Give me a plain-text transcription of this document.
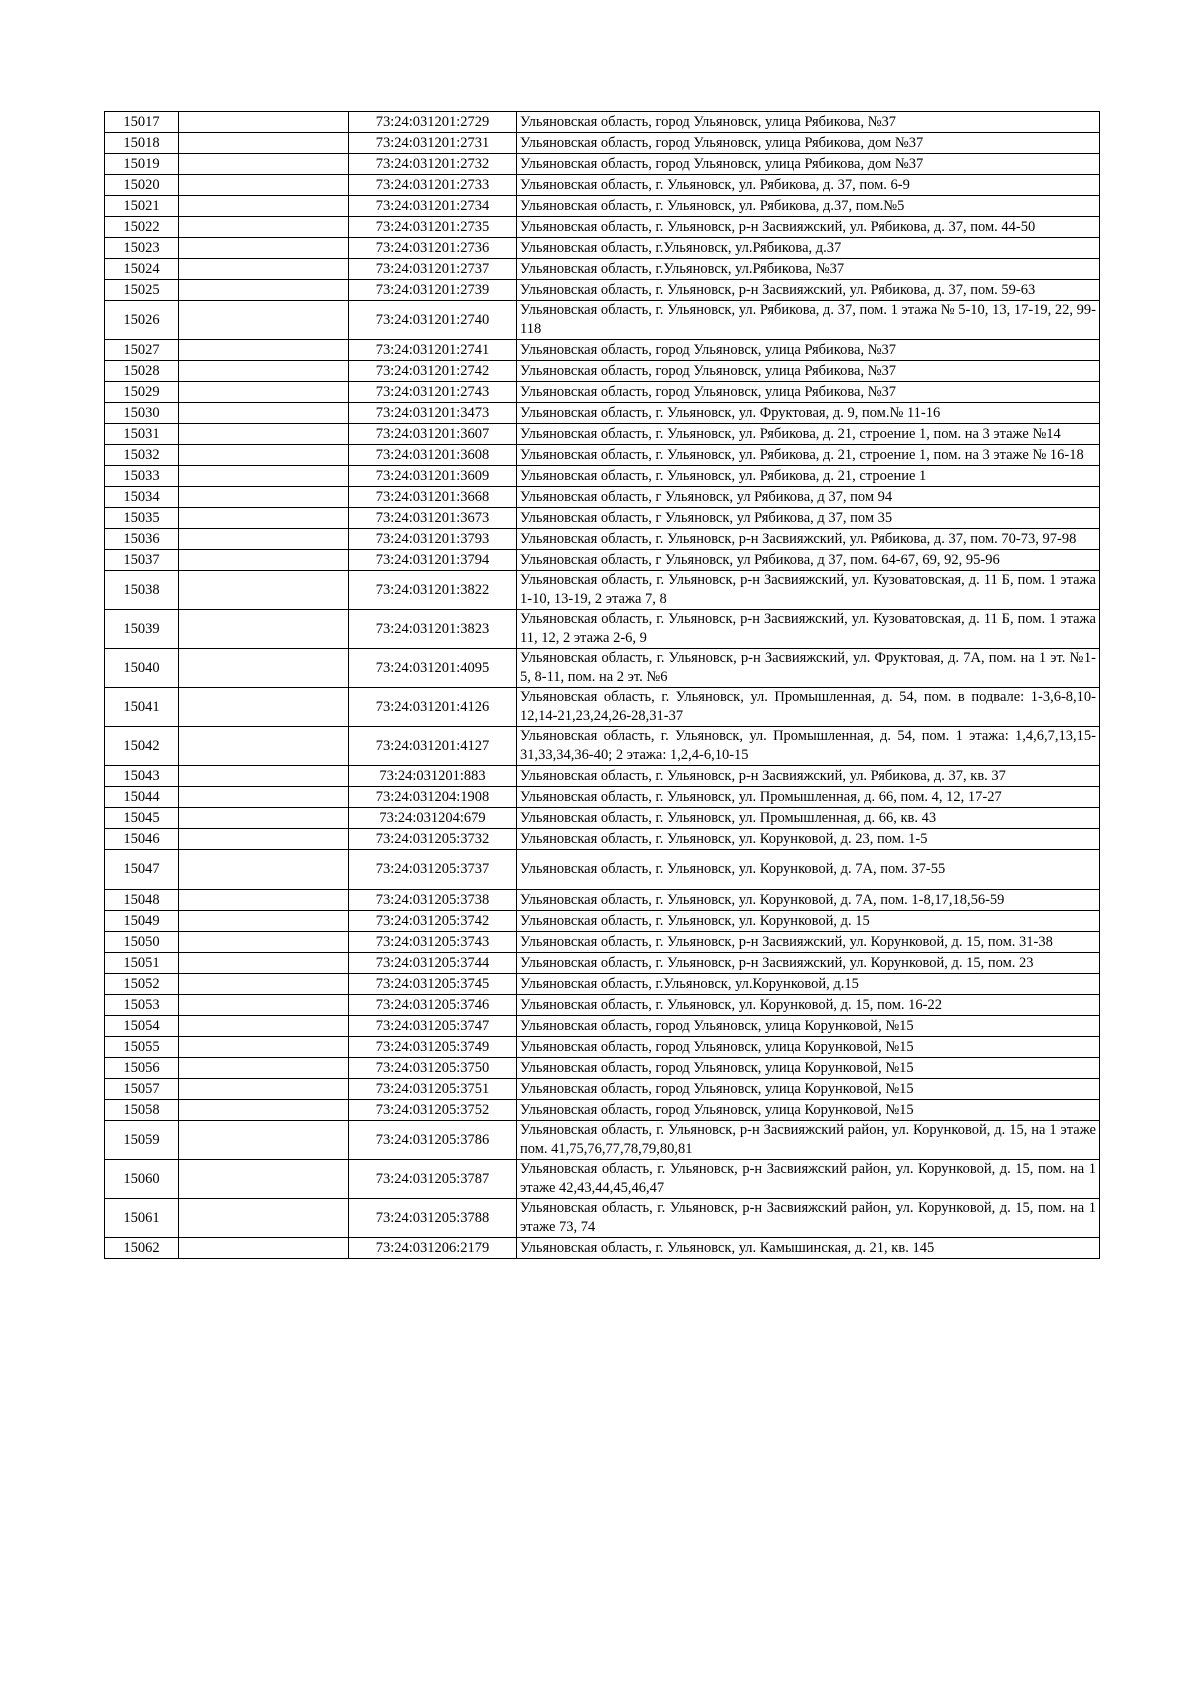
15017		73:24:031201:2729	Ульяновская область, город Ульяновск, улица Рябикова, №37
15018		73:24:031201:2731	Ульяновская область, город Ульяновск, улица Рябикова, дом №37
15019		73:24:031201:2732	Ульяновская область, город Ульяновск, улица Рябикова, дом №37
15020		73:24:031201:2733	Ульяновская область, г. Ульяновск, ул. Рябикова, д. 37, пом. 6-9
15021		73:24:031201:2734	Ульяновская область, г. Ульяновск, ул. Рябикова, д.37, пом.№5
15022		73:24:031201:2735	Ульяновская область, г. Ульяновск, р-н Засвияжский, ул. Рябикова, д. 37, пом. 44-50
15023		73:24:031201:2736	Ульяновская область, г.Ульяновск, ул.Рябикова, д.37
15024		73:24:031201:2737	Ульяновская область, г.Ульяновск, ул.Рябикова, №37
15025		73:24:031201:2739	Ульяновская область, г. Ульяновск, р-н Засвияжский, ул. Рябикова, д. 37, пом. 59-63
15026		73:24:031201:2740	Ульяновская область, г. Ульяновск, ул. Рябикова, д. 37, пом. 1 этажа № 5-10, 13, 17-19, 22, 99-118
15027		73:24:031201:2741	Ульяновская область, город Ульяновск, улица Рябикова, №37
15028		73:24:031201:2742	Ульяновская область, город Ульяновск, улица Рябикова, №37
15029		73:24:031201:2743	Ульяновская область, город Ульяновск, улица Рябикова, №37
15030		73:24:031201:3473	Ульяновская область, г. Ульяновск, ул. Фруктовая, д. 9, пом.№ 11-16
15031		73:24:031201:3607	Ульяновская область, г. Ульяновск, ул. Рябикова, д. 21, строение 1, пом. на 3 этаже №14
15032		73:24:031201:3608	Ульяновская область, г. Ульяновск, ул. Рябикова, д. 21, строение 1, пом. на 3 этаже № 16-18
15033		73:24:031201:3609	Ульяновская область, г. Ульяновск, ул. Рябикова, д. 21, строение 1
15034		73:24:031201:3668	Ульяновская область, г Ульяновск, ул Рябикова, д 37, пом 94
15035		73:24:031201:3673	Ульяновская область, г Ульяновск, ул Рябикова, д 37, пом 35
15036		73:24:031201:3793	Ульяновская область, г. Ульяновск, р-н Засвияжский, ул. Рябикова, д. 37, пом. 70-73, 97-98
15037		73:24:031201:3794	Ульяновская область, г Ульяновск, ул Рябикова, д 37, пом. 64-67, 69, 92, 95-96
15038		73:24:031201:3822	Ульяновская область, г. Ульяновск, р-н Засвияжский, ул. Кузоватовская, д. 11 Б, пом. 1 этажа 1-10, 13-19, 2 этажа 7, 8
15039		73:24:031201:3823	Ульяновская область, г. Ульяновск, р-н Засвияжский, ул. Кузоватовская, д. 11 Б, пом. 1 этажа 11, 12, 2 этажа 2-6, 9
15040		73:24:031201:4095	Ульяновская область, г. Ульяновск, р-н Засвияжский, ул. Фруктовая, д. 7А, пом. на 1 эт. №1-5, 8-11, пом. на 2 эт. №6
15041		73:24:031201:4126	Ульяновская область, г. Ульяновск, ул. Промышленная, д. 54, пом. в подвале: 1-3,6-8,10-12,14-21,23,24,26-28,31-37
15042		73:24:031201:4127	Ульяновская область, г. Ульяновск, ул. Промышленная, д. 54, пом. 1 этажа: 1,4,6,7,13,15-31,33,34,36-40; 2 этажа: 1,2,4-6,10-15
15043		73:24:031201:883	Ульяновская область, г. Ульяновск, р-н Засвияжский, ул. Рябикова, д. 37, кв. 37
15044		73:24:031204:1908	Ульяновская область, г. Ульяновск, ул. Промышленная, д. 66, пом. 4, 12, 17-27
15045		73:24:031204:679	Ульяновская область, г. Ульяновск, ул. Промышленная, д. 66, кв. 43
15046		73:24:031205:3732	Ульяновская область, г. Ульяновск, ул. Корунковой, д. 23, пом. 1-5
15047		73:24:031205:3737	Ульяновская область, г. Ульяновск, ул. Корунковой, д. 7А, пом. 37-55
15048		73:24:031205:3738	Ульяновская область, г. Ульяновск, ул. Корунковой, д. 7А, пом. 1-8,17,18,56-59
15049		73:24:031205:3742	Ульяновская область, г. Ульяновск, ул. Корунковой, д. 15
15050		73:24:031205:3743	Ульяновская область, г. Ульяновск, р-н Засвияжский, ул. Корунковой, д. 15, пом. 31-38
15051		73:24:031205:3744	Ульяновская область, г. Ульяновск, р-н Засвияжский, ул. Корунковой, д. 15, пом. 23
15052		73:24:031205:3745	Ульяновская область, г.Ульяновск, ул.Корунковой, д.15
15053		73:24:031205:3746	Ульяновская область, г. Ульяновск, ул. Корунковой, д. 15, пом. 16-22
15054		73:24:031205:3747	Ульяновская область, город Ульяновск, улица Корунковой, №15
15055		73:24:031205:3749	Ульяновская область, город Ульяновск, улица Корунковой, №15
15056		73:24:031205:3750	Ульяновская область, город Ульяновск, улица Корунковой, №15
15057		73:24:031205:3751	Ульяновская область, город Ульяновск, улица Корунковой, №15
15058		73:24:031205:3752	Ульяновская область, город Ульяновск, улица Корунковой, №15
15059		73:24:031205:3786	Ульяновская область, г. Ульяновск, р-н Засвияжский район, ул. Корунковой, д. 15, на 1 этаже пом. 41,75,76,77,78,79,80,81
15060		73:24:031205:3787	Ульяновская область, г. Ульяновск, р-н Засвияжский район, ул. Корунковой, д. 15, пом. на 1 этаже 42,43,44,45,46,47
15061		73:24:031205:3788	Ульяновская область, г. Ульяновск, р-н Засвияжский район, ул. Корунковой, д. 15, пом. на 1 этаже 73, 74
15062		73:24:031206:2179	Ульяновская область, г. Ульяновск, ул. Камышинская, д. 21, кв. 145
